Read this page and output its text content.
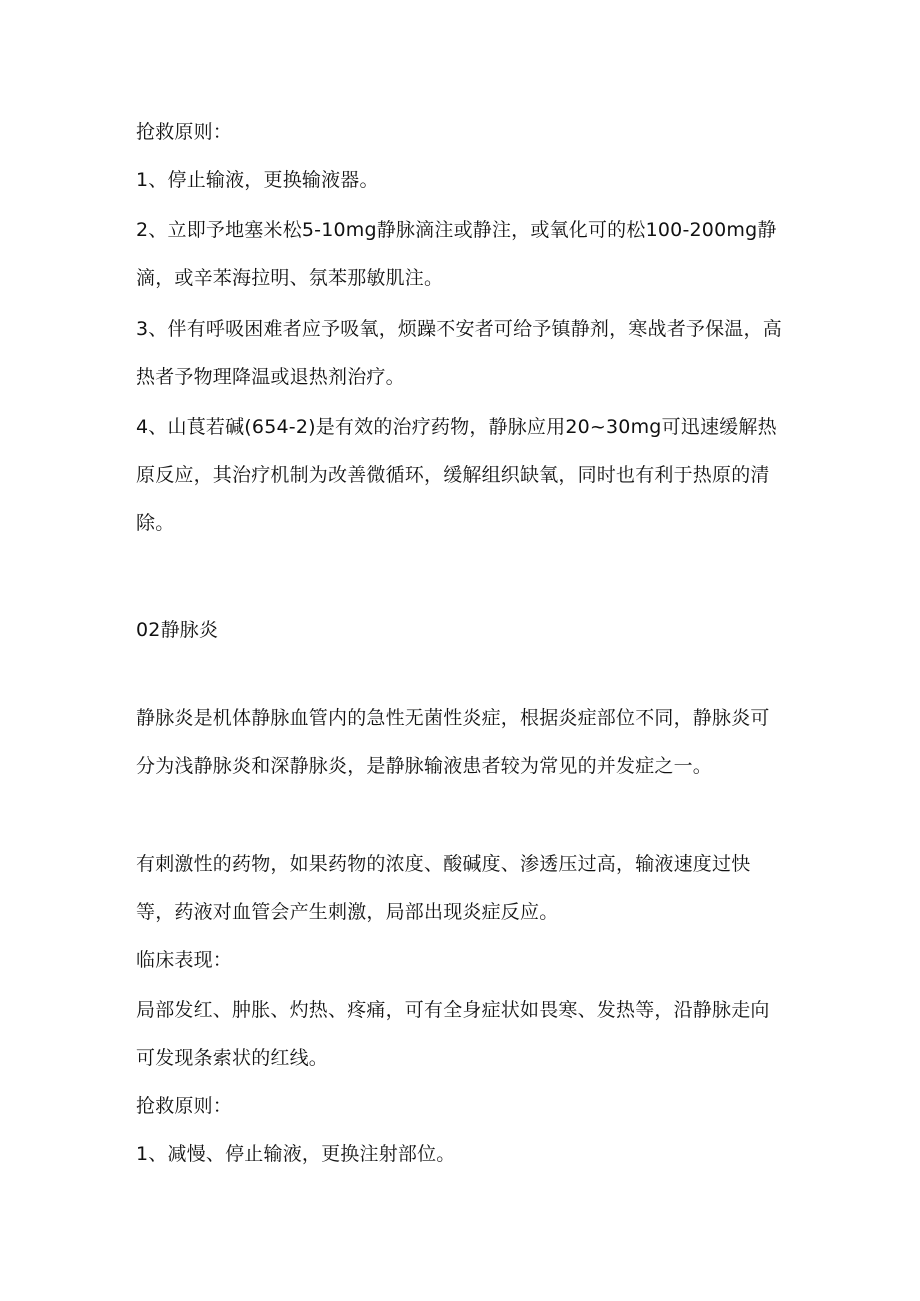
抢救原则：

1、停止输液，更换输液器。

2、立即予地塞米松5-10mg静脉滴注或静注，或氧化可的松100-200mg静滴，或辛苯海拉明、氛苯那敏肌注。

3、伴有呼吸困难者应予吸氧，烦躁不安者可给予镇静剂，寒战者予保温，高热者予物理降温或退热剂治疗。

4、山茛若碱(654-2)是有效的治疗药物，静脉应用20~30mg可迅速缓解热原反应，其治疗机制为改善微循环，缓解组织缺氧，同时也有利于热原的清除。

02静脉炎

静脉炎是机体静脉血管内的急性无菌性炎症，根据炎症部位不同，静脉炎可分为浅静脉炎和深静脉炎，是静脉输液患者较为常见的并发症之一。

有刺激性的药物，如果药物的浓度、酸碱度、渗透压过高，输液速度过快等，药液对血管会产生刺激，局部出现炎症反应。

临床表现：

局部发红、肿胀、灼热、疼痛，可有全身症状如畏寒、发热等，沿静脉走向可发现条索状的红线。

抢救原则：

1、减慢、停止输液，更换注射部位。
